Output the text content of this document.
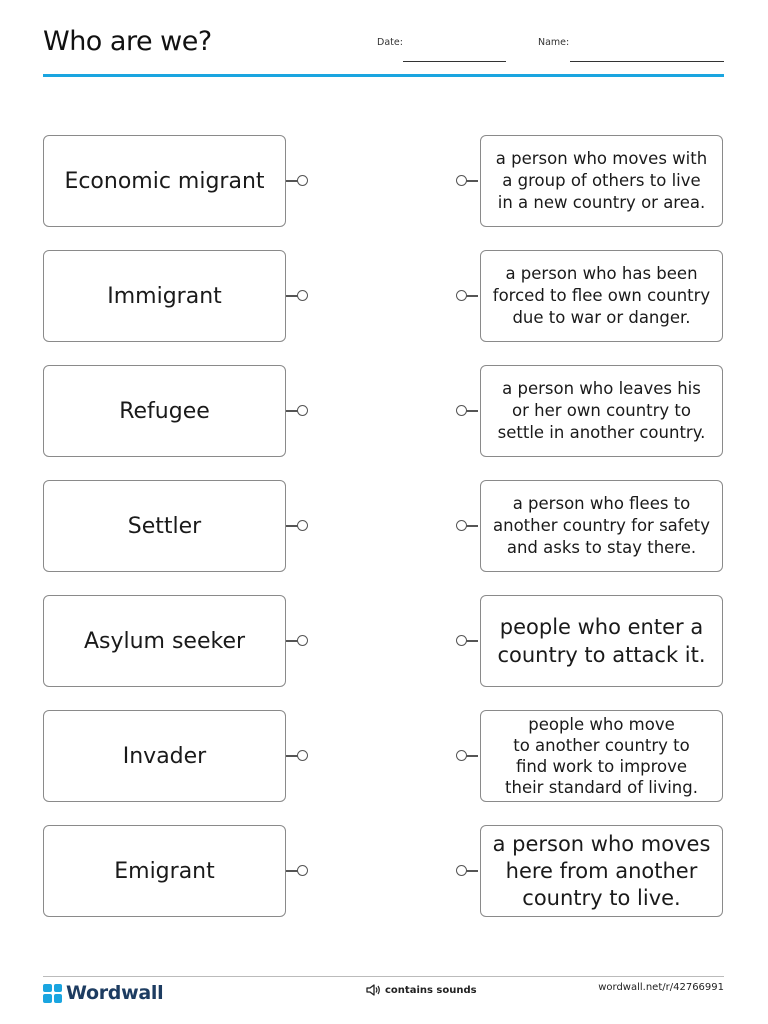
Who are we?	Date:	Name:
Economic migrant
a person who moves with
a group of others to live
in a new country or area.
Immigrant
a person who has been
forced to flee own country
due to war or danger.
Refugee
a person who leaves his
or her own country to
settle in another country.
Settler
a person who flees to
another country for safety
and asks to stay there.
Asylum seeker
people who enter a
country to attack it.
Invader
people who move
to another country to
find work to improve
their standard of living.
Emigrant
a person who moves
here from another
country to live.
Wordwall	contains sounds	wordwall.net/r/42766991
